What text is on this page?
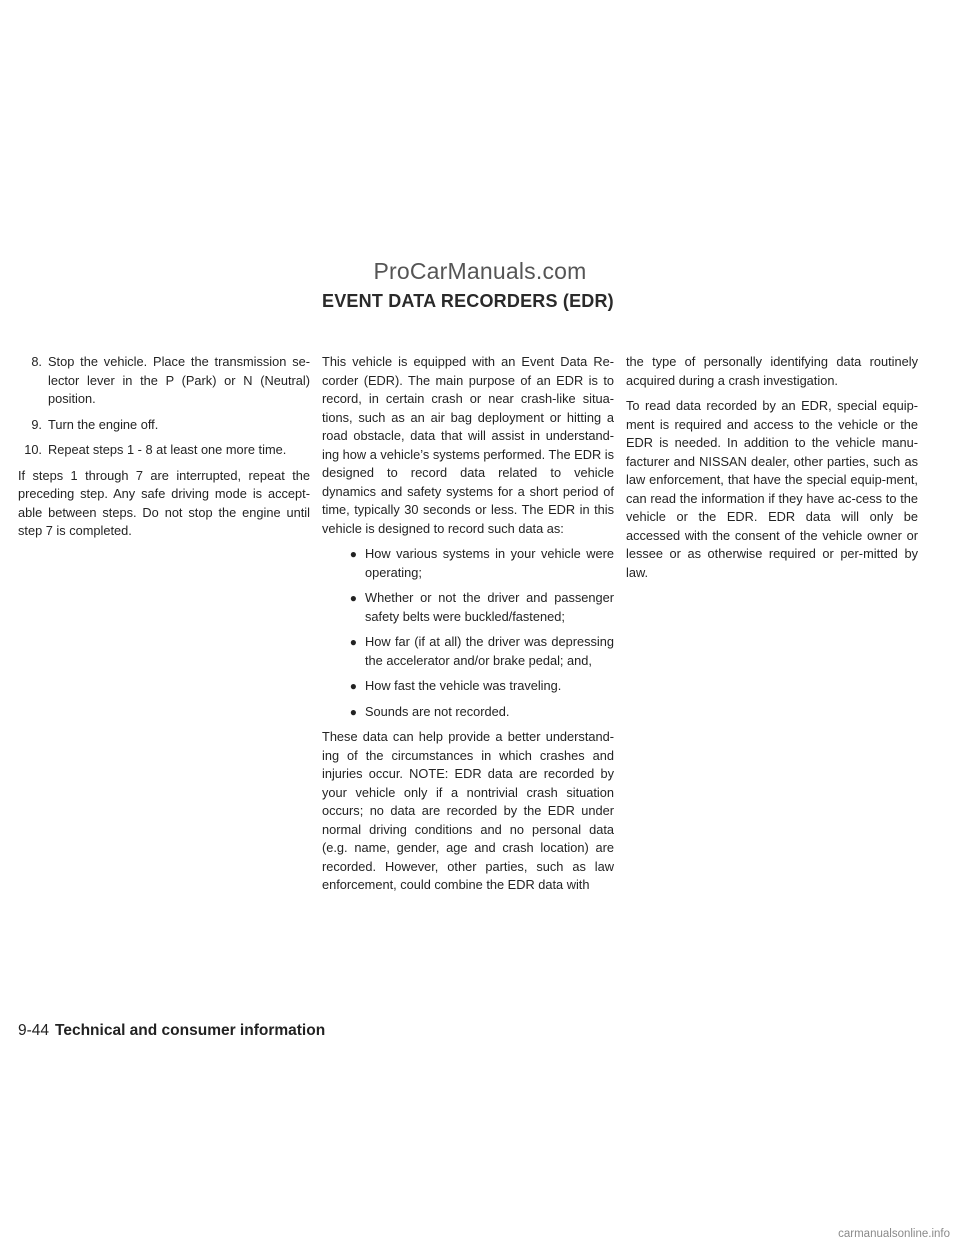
ProCarManuals.com
EVENT DATA RECORDERS (EDR)
8. Stop the vehicle. Place the transmission se-lector lever in the P (Park) or N (Neutral) position.
9. Turn the engine off.
10. Repeat steps 1 - 8 at least one more time.

If steps 1 through 7 are interrupted, repeat the preceding step. Any safe driving mode is accept-able between steps. Do not stop the engine until step 7 is completed.

This vehicle is equipped with an Event Data Re-corder (EDR). The main purpose of an EDR is to record, in certain crash or near crash-like situa-tions, such as an air bag deployment or hitting a road obstacle, data that will assist in understand-ing how a vehicle’s systems performed. The EDR is designed to record data related to vehicle dynamics and safety systems for a short period of time, typically 30 seconds or less. The EDR in this vehicle is designed to record such data as:

● How various systems in your vehicle were operating;
● Whether or not the driver and passenger safety belts were buckled/fastened;
● How far (if at all) the driver was depressing the accelerator and/or brake pedal; and,
● How fast the vehicle was traveling.
● Sounds are not recorded.

These data can help provide a better understand-ing of the circumstances in which crashes and injuries occur. NOTE: EDR data are recorded by your vehicle only if a nontrivial crash situation occurs; no data are recorded by the EDR under normal driving conditions and no personal data (e.g. name, gender, age and crash location) are recorded. However, other parties, such as law enforcement, could combine the EDR data with

the type of personally identifying data routinely acquired during a crash investigation.

To read data recorded by an EDR, special equip-ment is required and access to the vehicle or the EDR is needed. In addition to the vehicle manu-facturer and NISSAN dealer, other parties, such as law enforcement, that have the special equip-ment, can read the information if they have ac-cess to the vehicle or the EDR. EDR data will only be accessed with the consent of the vehicle owner or lessee or as otherwise required or per-mitted by law.

9-44 Technical and consumer information
carmanualsonline.info
